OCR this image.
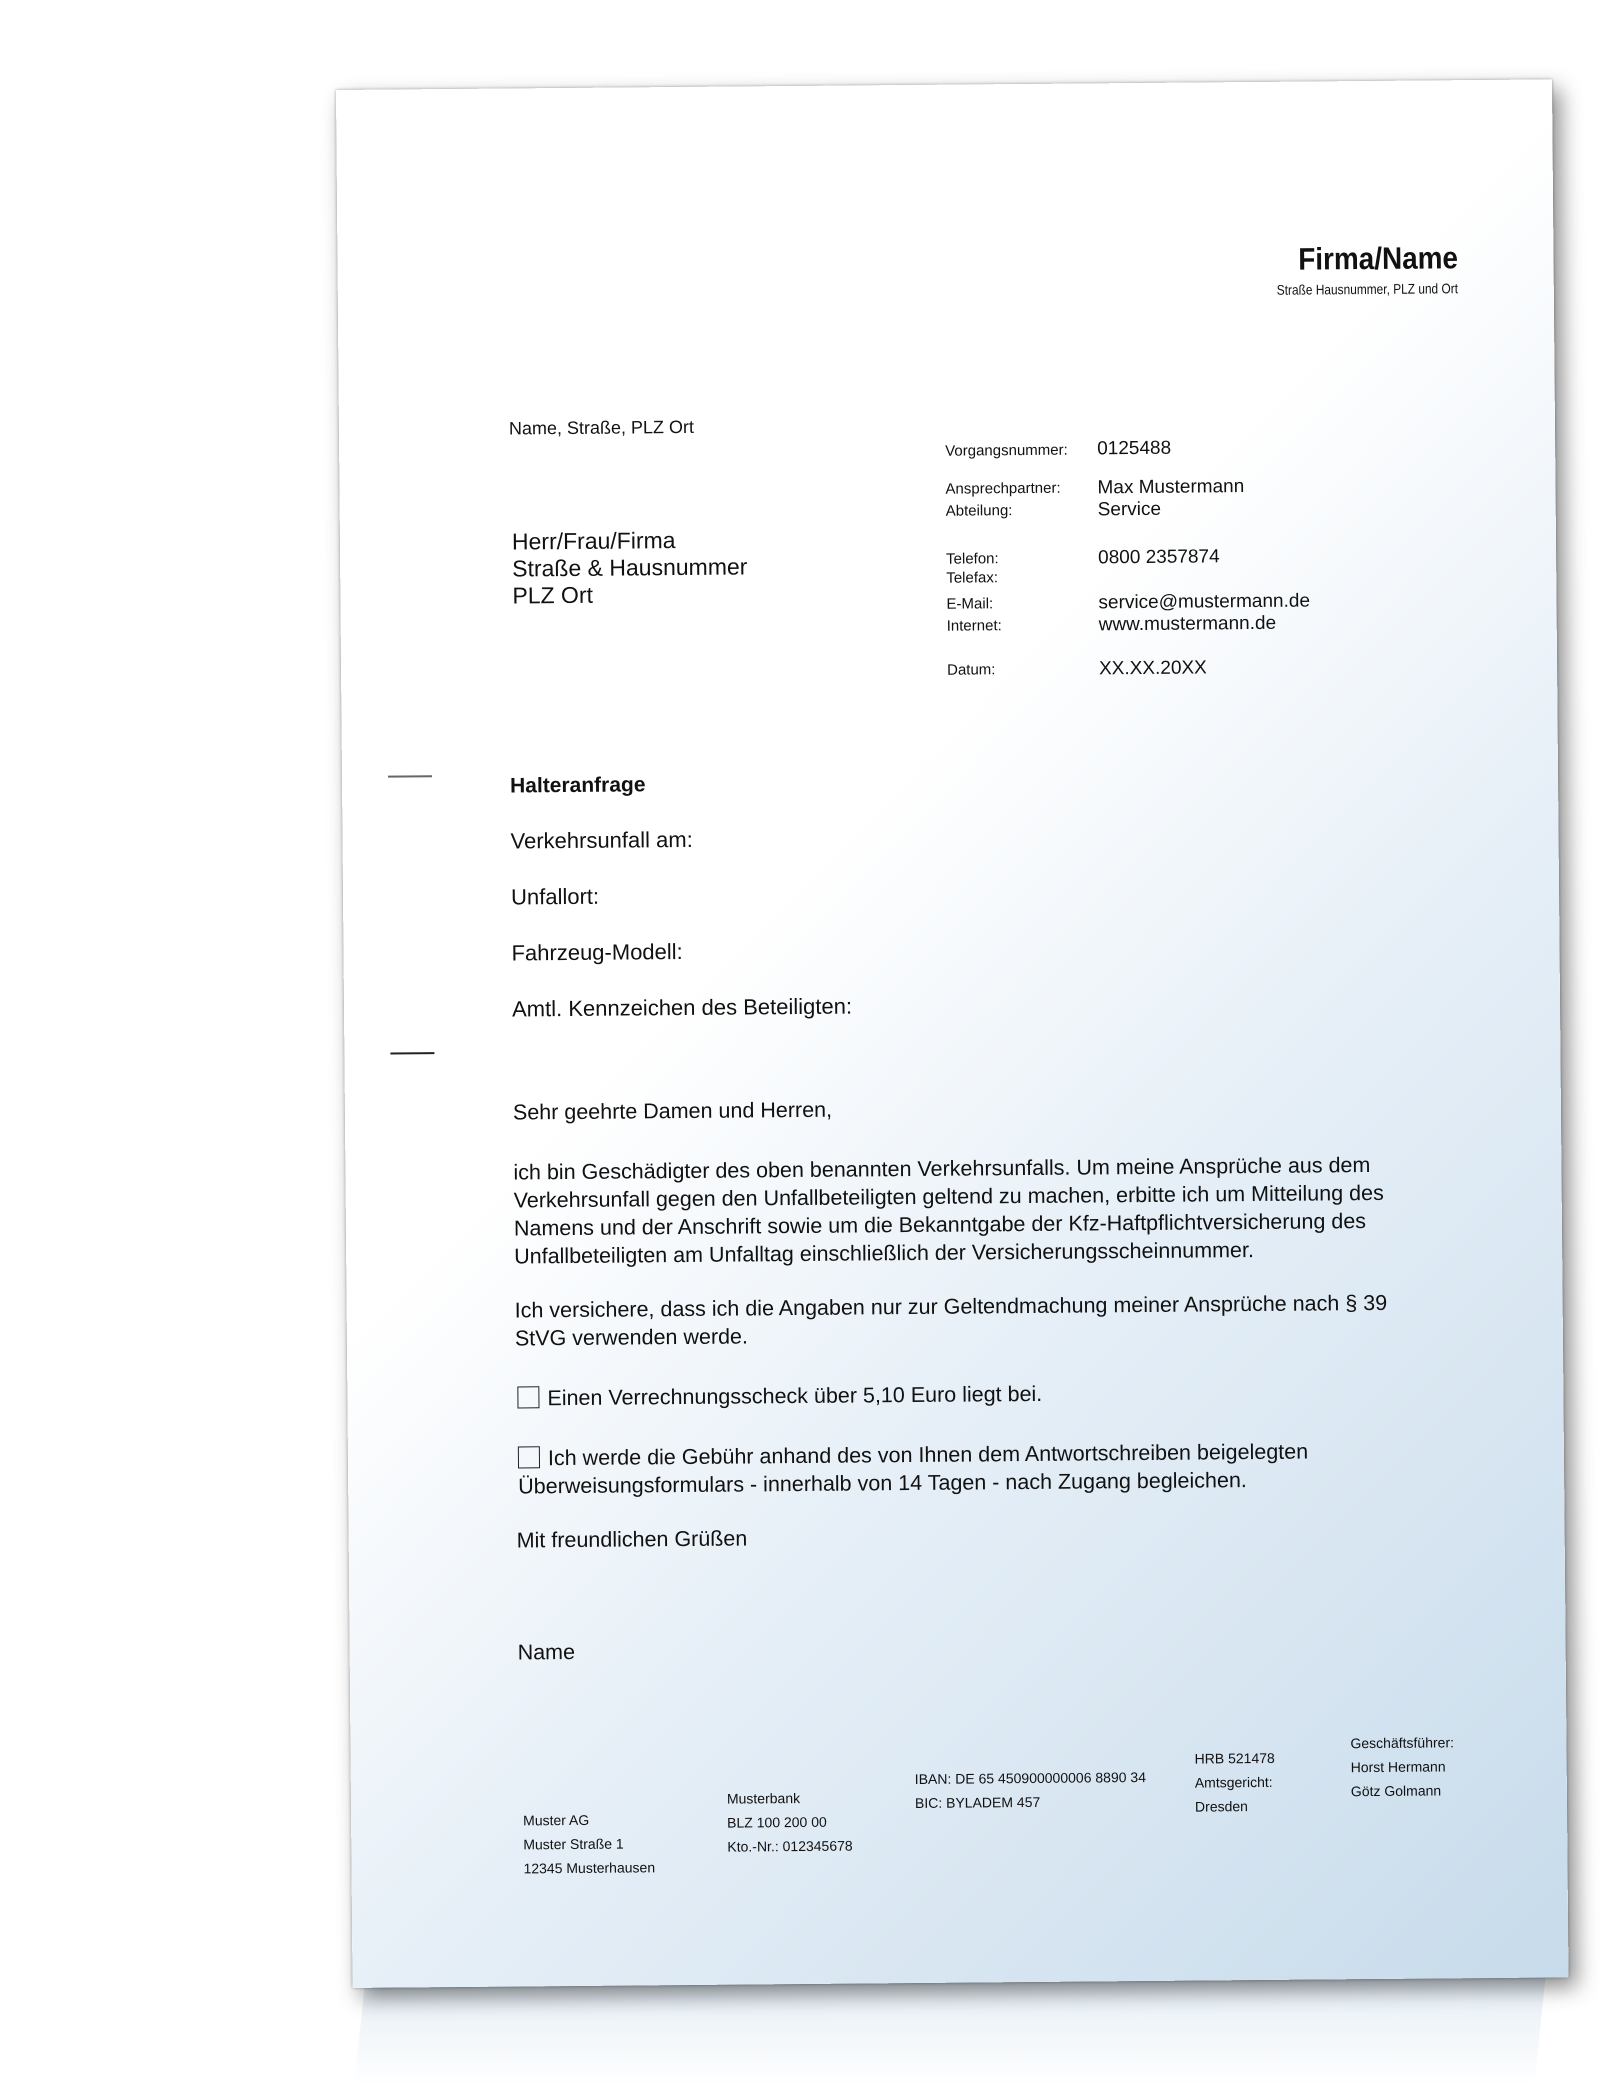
Firma/Name
Straße Hausnummer, PLZ und Ort
Name, Straße, PLZ Ort
Herr/Frau/Firma
Straße & Hausnummer
PLZ Ort
Vorgangsnummer:	0125488
Ansprechpartner:	Max Mustermann
Abteilung:	Service
Telefon:	0800 2357874
Telefax:
E-Mail:	service@mustermann.de
Internet:	www.mustermann.de
Datum:	XX.XX.20XX
Halteranfrage
Verkehrsunfall am:
Unfallort:
Fahrzeug-Modell:
Amtl. Kennzeichen des Beteiligten:
Sehr geehrte Damen und Herren,
ich bin Geschädigter des oben benannten Verkehrsunfalls. Um meine Ansprüche aus dem Verkehrsunfall gegen den Unfallbeteiligten geltend zu machen, erbitte ich um Mitteilung des Namens und der Anschrift sowie um die Bekanntgabe der Kfz-Haftpflichtversicherung des Unfallbeteiligten am Unfalltag einschließlich der Versicherungsscheinnummer.
Ich versichere, dass ich die Angaben nur zur Geltendmachung meiner Ansprüche nach § 39 StVG verwenden werde.
Einen Verrechnungsscheck über 5,10 Euro liegt bei.
Ich werde die Gebühr anhand des von Ihnen dem Antwortschreiben beigelegten Überweisungsformulars - innerhalb von 14 Tagen - nach Zugang begleichen.
Mit freundlichen Grüßen
Name
Muster AG
Muster Straße 1
12345 Musterhausen
Musterbank
BLZ 100 200 00
Kto.-Nr.: 012345678
IBAN: DE 65 450900000006 8890 34
BIC: BYLADEM 457
HRB 521478
Amtsgericht:
Dresden
Geschäftsführer:
Horst Hermann
Götz Golmann
